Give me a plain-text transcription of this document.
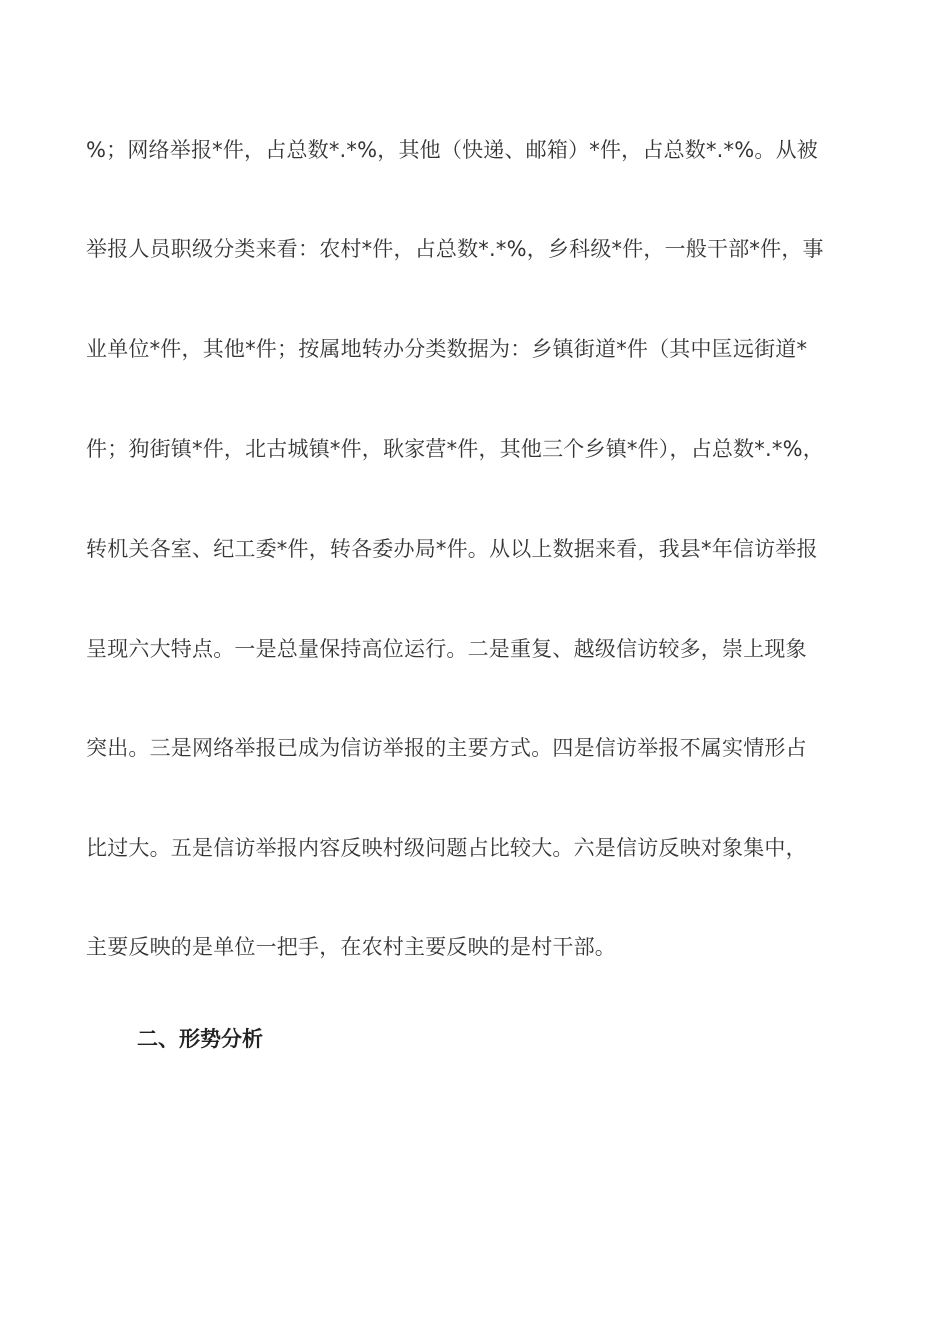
%；网络举报*件，占总数*.*%，其他（快递、邮箱）*件，占总数*.*%。从被
举报人员职级分类来看：农村*件，占总数*.*%，乡科级*件，一般干部*件，事
业单位*件，其他*件；按属地转办分类数据为：乡镇街道*件（其中匡远街道*
件；狗街镇*件，北古城镇*件，耿家营*件，其他三个乡镇*件），占总数*.*%，
转机关各室、纪工委*件，转各委办局*件。从以上数据来看，我县*年信访举报
呈现六大特点。一是总量保持高位运行。二是重复、越级信访较多，崇上现象
突出。三是网络举报已成为信访举报的主要方式。四是信访举报不属实情形占
比过大。五是信访举报内容反映村级问题占比较大。六是信访反映对象集中，
主要反映的是单位一把手，在农村主要反映的是村干部。
二、形势分析
